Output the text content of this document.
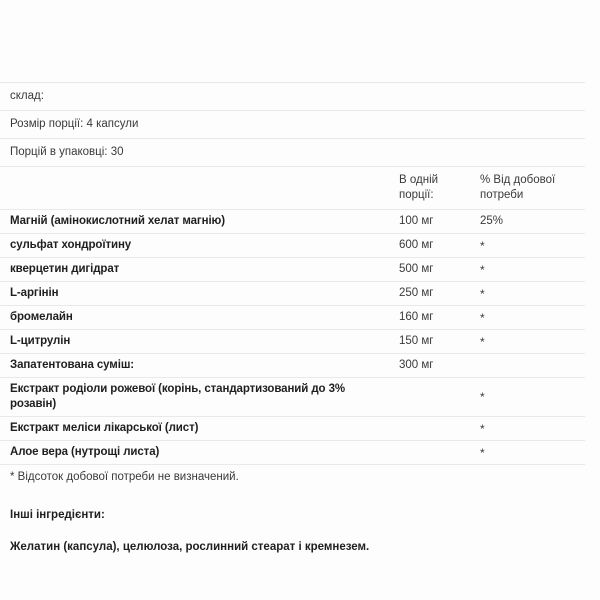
склад:		
Розмір порції: 4 капсули		
Порцій в упаковці: 30		
	В одній порції:	% Від добової потреби
Магній (амінокислотний хелат магнію)	100 мг	25%
сульфат хондроїтину	600 мг	*
кверцетин дигідрат	500 мг	*
L-аргінін	250 мг	*
бромелайн	160 мг	*
L-цитрулін	150 мг	*
Запатентована суміш:	300 мг	
Екстракт родіоли рожевої (корінь, стандартизований до 3% розавін)		*
Екстракт меліси лікарської (лист)		*
Алое вера (нутрощі листа)		*
* Відсоток добової потреби не визначений.		

Інші інгредієнти:

Желатин (капсула), целюлоза, рослинний стеарат і кремнезем.
